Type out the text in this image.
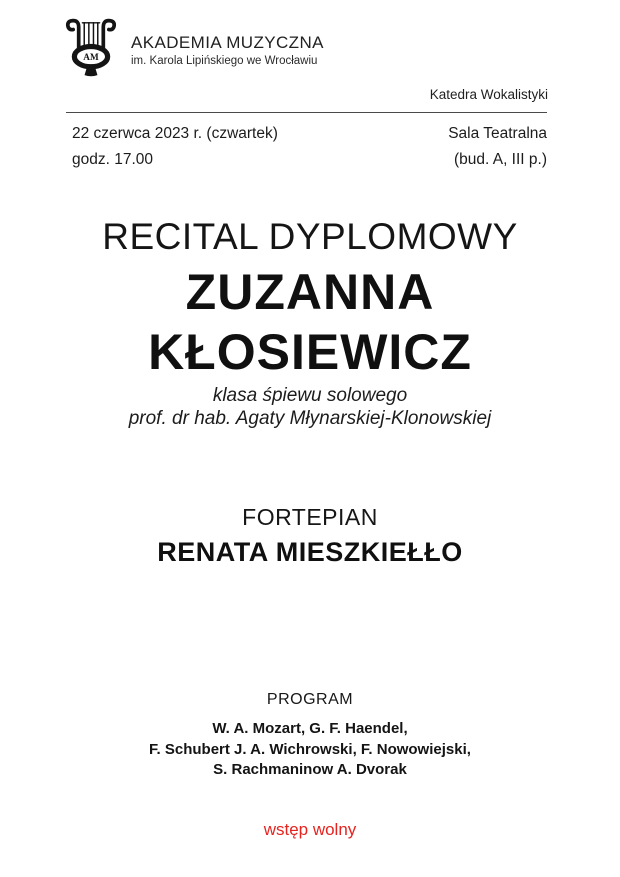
AM
AKADEMIA MUZYCZNA
im. Karola Lipińskiego we Wrocławiu
Katedra Wokalistyki
22 czerwca 2023 r. (czwartek)
godz. 17.00
Sala Teatralna
(bud. A, III p.)
RECITAL DYPLOMOWY
ZUZANNA
KŁOSIEWICZ
klasa śpiewu solowego
prof. dr hab. Agaty Młynarskiej-Klonowskiej
FORTEPIAN
RENATA MIESZKIEŁŁO
PROGRAM
W. A. Mozart, G. F. Haendel,
F. Schubert J. A. Wichrowski, F. Nowowiejski,
S. Rachmaninow A. Dvorak
wstęp wolny
